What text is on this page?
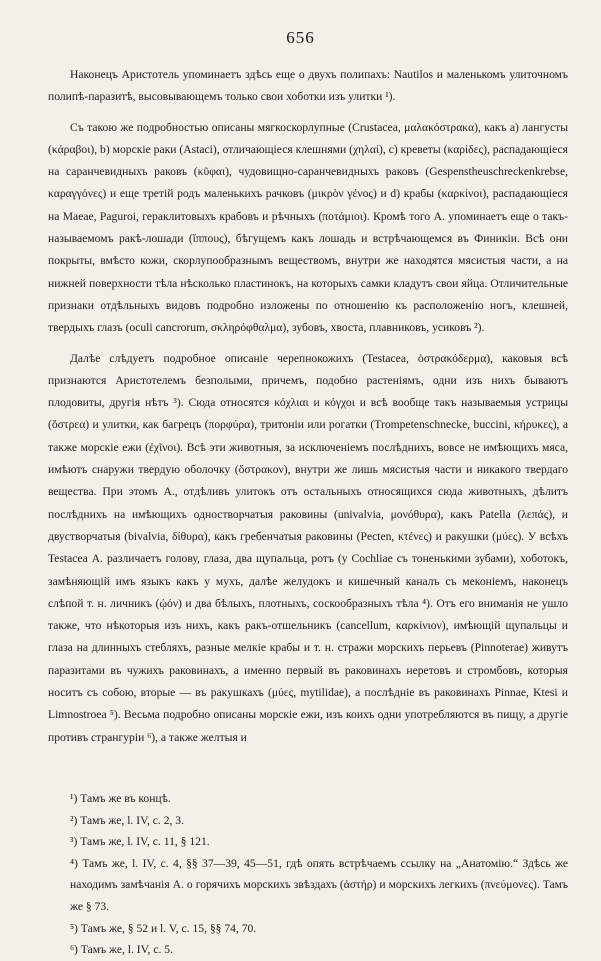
656

Наконецъ Аристотель упоминаетъ здѣсь еще о двухъ полипахъ: Nautilos и маленькомъ улиточномъ полипѣ-паразитѣ, высовывающемъ только свои хоботки изъ улитки ¹).

Съ такою же подробностью описаны мягкоскорлупные (Crustacea, μαλακόστρακα), какъ а) лангусты (κάραβοι), b) морскіе раки (Astaci), отличающіеся клешнями (χηλαί), c) креветы (καρίδες), распадающіеся на саранчевидныхъ раковъ (κῦφαι), чудовищно-саранчевидныхъ раковъ (Gespenstheuschreckenkrebse, καραγγόνες) и еще третій родъ маленькихъ рачковъ (μικρὸν γένος) и d) крабы (καρκίνοι), распадающіеся на Maeae, Paguroi, гераклитовыхъ крабовъ и рѣчныхъ (ποτάμιοι). Кромѣ того А. упоминаетъ еще о такъ-называемомъ ракѣ-лошади (ἵππους), бѣгущемъ какъ лошадь и встрѣчающемся въ Финикіи. Всѣ они покрыты, вмѣсто кожи, скорлупообразнымъ веществомъ, внутри же находятся мясистыя части, а на нижней поверхности тѣла нѣсколько пластинокъ, на которыхъ самки кладутъ свои яйца. Отличительные признаки отдѣльныхъ видовъ подробно изложены по отношенію къ расположенію ногъ, клешней, твердыхъ глазъ (oculi cancrorum, σκληρόφθαλμα), зубовъ, хвоста, плавниковъ, усиковъ ²).

Далѣе слѣдуетъ подробное описаніе черепнокожихъ (Testacea, ὀστρακόδερμα), каковыя всѣ признаются Аристотелемъ безполыми, причемъ, подобно растеніямъ, одни изъ нихъ бываютъ плодовиты, другія нѣтъ ³). Сюда относятся κόχλιαι и κόγχοι и всѣ вообще такъ называемыя устрицы (ὄστρεα) и улитки, как багрецъ (πορφύρα), тритоніи или рогатки (Trompetenschnecke, buccini, κήρυκες), а также морскіе ежи (ἐχῖνοι). Всѣ эти животныя, за исключеніемъ послѣднихъ, вовсе не имѣющихъ мяса, имѣютъ снаружи твердую оболочку (ὄστρακον), внутри же лишь мясистыя части и никакого твердаго вещества. При этомъ А., отдѣливъ улитокъ отъ остальныхъ относящихся сюда животныхъ, дѣлитъ послѣднихъ на имѣющихъ одностворчатыя раковины (univalvia, μονόθυρα), какъ Patella (λεπάς), и двустворчатыя (bivalvia, δίθυρα), какъ гребенчатыя раковины (Pecten, κτένες) и ракушки (μύες). У всѣхъ Testacea А. различаетъ голову, глаза, два щупальца, ротъ (у Cochliae съ тоненькими зубами), хоботокъ, замѣняющій имъ языкъ какъ у мухъ, далѣе желудокъ и кишечный каналъ съ меконіемъ, наконецъ слѣпой т. н. личникъ (ᾠόν) и два бѣлыхъ, плотныхъ, соскообразныхъ тѣла ⁴). Отъ его вниманія не ушло также, что нѣкоторыя изъ нихъ, какъ ракъ-отшельникъ (cancellum, καρκίνιον), имѣющій щупальцы и глаза на длинныхъ стебляхъ, разные мелкіе крабы и т. н. стражи морскихъ перьевъ (Pinnoterae) живутъ паразитами въ чужихъ раковинахъ, а именно первый въ раковинахъ неретовъ и стромбовъ, которыя носитъ съ собою, вторые — въ ракушкахъ (μύες, mytilidae), а послѣдніе въ раковинахъ Pinnae, Ktesi и Limnostroea ⁵). Весьма подробно описаны морскіе ежи, изъ коихъ одни употребляются въ пищу, а другіе противъ странгуріи ⁶), а также желтыя и

¹) Тамъ же въ концѣ.

²) Тамъ же, l. IV, c. 2, 3.

³) Тамъ же, l. IV, c. 11, § 121.

⁴) Тамъ же, l. IV, c. 4, §§ 37—39, 45—51, гдѣ опять встрѣчаемъ ссылку на „Анатомію.“ Здѣсь же находимъ замѣчанія А. о горячихъ морскихъ звѣздахъ (ἀστήρ) и морскихъ легкихъ (πνεύμονες). Тамъ же § 73.

⁵) Тамъ же, § 52 и l. V, c. 15, §§ 74, 70.

⁶) Тамъ же, l. IV, c. 5.
